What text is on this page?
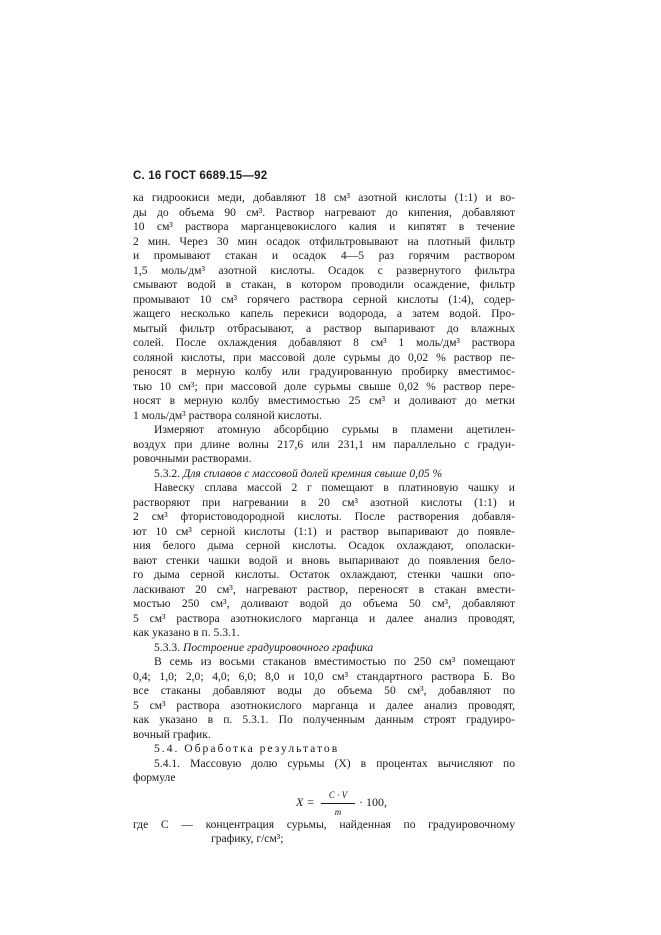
С. 16 ГОСТ 6689.15—92
ка гидроокиси меди, добавляют 18 см³ азотной кислоты (1:1) и во-
ды до объема 90 см³. Раствор нагревают до кипения, добавляют
10 см³ раствора марганцевокислого калия и кипятят в течение
2 мин. Через 30 мин осадок отфильтровывают на плотный фильтр
и промывают стакан и осадок 4—5 раз горячим раствором
1,5 моль/дм³ азотной кислоты. Осадок с развернутого фильтра
смывают водой в стакан, в котором проводили осаждение, фильтр
промывают 10 см³ горячего раствора серной кислоты (1:4), содер-
жащего несколько капель перекиси водорода, а затем водой. Про-
мытый фильтр отбрасывают, а раствор выпаривают до влажных
солей. После охлаждения добавляют 8 см³ 1 моль/дм³ раствора
соляной кислоты, при массовой доле сурьмы до 0,02 % раствор пе-
реносят в мерную колбу или градуированную пробирку вместимос-
тью 10 см³; при массовой доле сурьмы свыше 0,02 % раствор пере-
носят в мерную колбу вместимостью 25 см³ и доливают до метки
1 моль/дм³ раствора соляной кислоты.
Измеряют атомную абсорбцию сурьмы в пламени ацетилен-
воздух при длине волны 217,6 или 231,1 нм параллельно с градуи-
ровочными растворами.
5.3.2. Для сплавов с массовой долей кремния свыше 0,05 %
Навеску сплава массой 2 г помещают в платиновую чашку и
растворяют при нагревании в 20 см³ азотной кислоты (1:1) и
2 см³ фтористоводородной кислоты. После растворения добавля-
ют 10 см³ серной кислоты (1:1) и раствор выпаривают до появле-
ния белого дыма серной кислоты. Осадок охлаждают, ополаски-
вают стенки чашки водой и вновь выпаривают до появления бело-
го дыма серной кислоты. Остаток охлаждают, стенки чашки опо-
ласкивают 20 см³, нагревают раствор, переносят в стакан вмести-
мостью 250 см³, доливают водой до объема 50 см³, добавляют
5 см³ раствора азотнокислого марганца и далее анализ проводят,
как указано в п. 5.3.1.
5.3.3. Построение градуировочного графика
В семь из восьми стаканов вместимостью по 250 см³ помещают
0,4; 1,0; 2,0; 4,0; 6,0; 8,0 и 10,0 см³ стандартного раствора Б. Во
все стаканы добавляют воды до объема 50 см³, добавляют по
5 см³ раствора азотнокислого марганца и далее анализ проводят,
как указано в п. 5.3.1. По полученным данным строят градуиро-
вочный график.
5.4. Обработка результатов
5.4.1. Массовую долю сурьмы (X) в процентах вычисляют по
формуле
$X = \frac{C \cdot V}{m} \cdot 100$,
где C — концентрация сурьмы, найденная по градуировочному
графику, г/см³;
